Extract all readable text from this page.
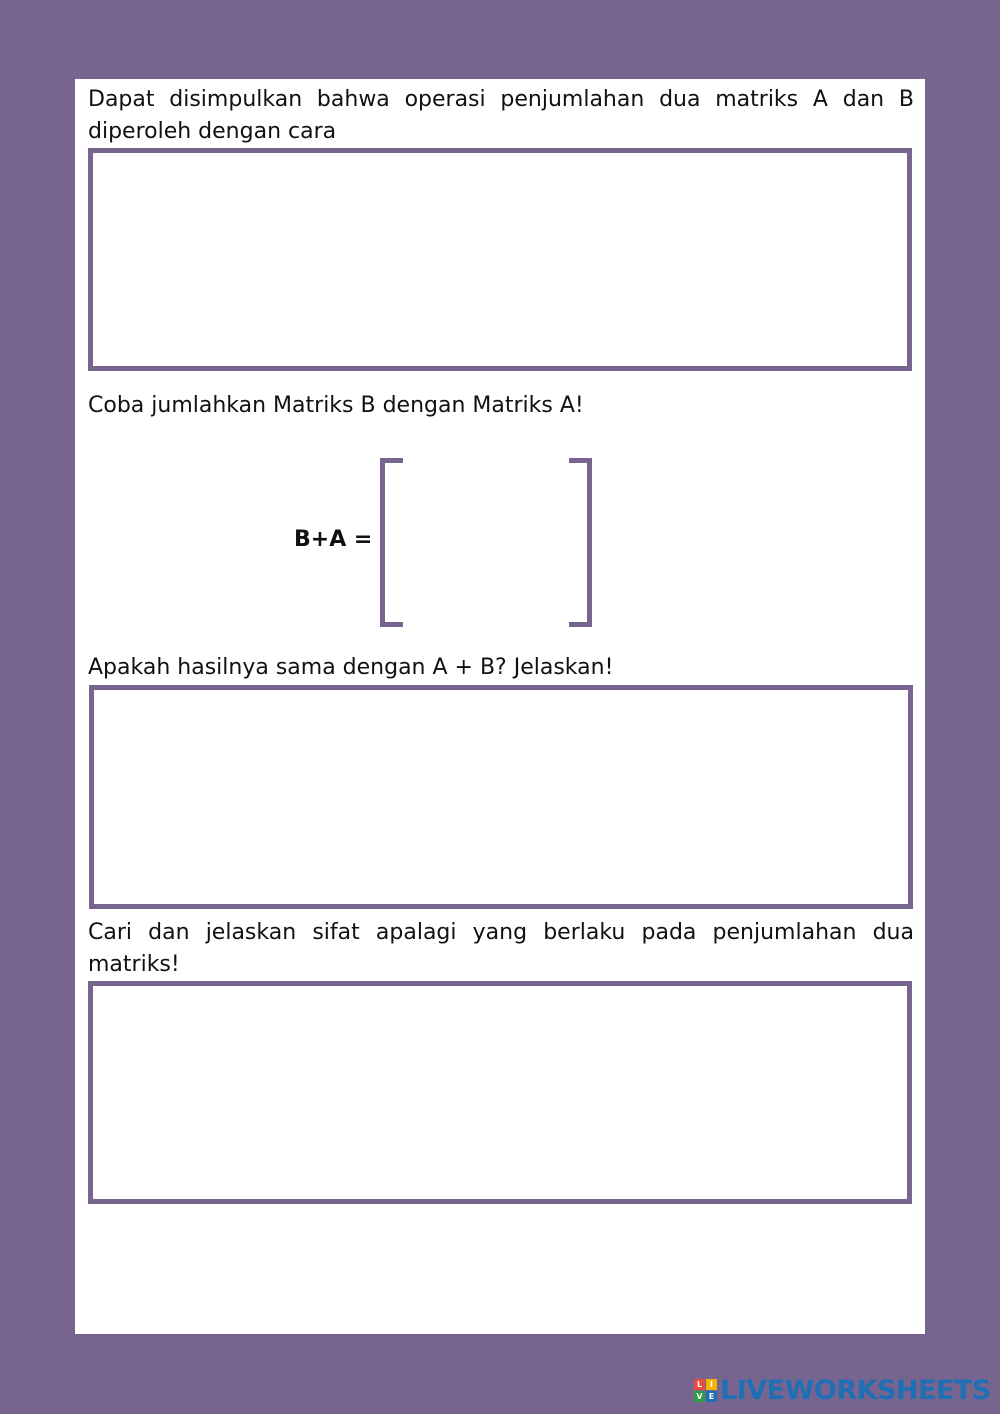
Dapat disimpulkan bahwa operasi penjumlahan dua matriks A dan B diperoleh dengan cara

Coba jumlahkan Matriks B dengan Matriks A!

B+A =

Apakah hasilnya sama dengan A + B? Jelaskan!

Cari dan jelaskan sifat apalagi yang berlaku pada penjumlahan dua matriks!

L I
V E LIVEWORKSHEETS
